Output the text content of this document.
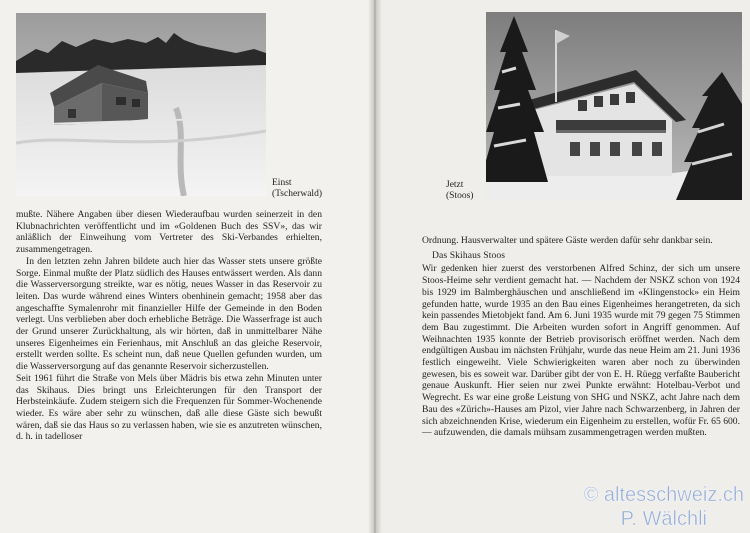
Einst
(Tscherwald)

mußte. Nähere Angaben über diesen Wiederaufbau wurden seinerzeit in den Klubnachrichten veröffentlicht und im «Goldenen Buch des SSV», das wir anläßlich der Einweihung vom Vertreter des Ski-Verbandes erhielten, zusammengetragen.

In den letzten zehn Jahren bildete auch hier das Wasser stets unsere größte Sorge. Einmal mußte der Platz südlich des Hauses entwässert werden. Als dann die Wasserversorgung streikte, war es nötig, neues Wasser in das Reservoir zu leiten. Das wurde während eines Winters obenhinein gemacht; 1958 aber das angeschaffte Symalenrohr mit finanzieller Hilfe der Gemeinde in den Boden verlegt. Uns verblieben aber doch erhebliche Beträge. Die Wasserfrage ist auch der Grund unserer Zurückhaltung, als wir hörten, daß in unmittelbarer Nähe unseres Eigenheimes ein Ferienhaus, mit Anschluß an das gleiche Reservoir, erstellt werden sollte. Es scheint nun, daß neue Quellen gefunden wurden, um die Wasserversorgung auf das genannte Reservoir sicherzustellen.

Seit 1961 führt die Straße von Mels über Mädris bis etwa zehn Minuten unter das Skihaus. Dies bringt uns Erleichterungen für den Transport der Herbsteinkäufe. Zudem steigern sich die Frequenzen für Sommer-Wochenende wieder. Es wäre aber sehr zu wünschen, daß alle diese Gäste sich bewußt wären, daß sie das Haus so zu verlassen haben, wie sie es anzutreten wünschen, d. h. in tadelloser

Jetzt
(Stoos)

Ordnung. Hausverwalter und spätere Gäste werden dafür sehr dankbar sein.

Das Skihaus Stoos

Wir gedenken hier zuerst des verstorbenen Alfred Schinz, der sich um unsere Stoos-Heime sehr verdient gemacht hat. — Nachdem der NSKZ schon von 1924 bis 1929 im Balmberghäuschen und anschließend im «Klingenstock» ein Heim gefunden hatte, wurde 1935 an den Bau eines Eigenheimes herangetreten, da sich kein passendes Mietobjekt fand. Am 6. Juni 1935 wurde mit 79 gegen 75 Stimmen dem Bau zugestimmt. Die Arbeiten wurden sofort in Angriff genommen. Auf Weihnachten 1935 konnte der Betrieb provisorisch eröffnet werden. Nach dem endgültigen Ausbau im nächsten Frühjahr, wurde das neue Heim am 21. Juni 1936 festlich eingeweiht. Viele Schwierigkeiten waren aber noch zu überwinden gewesen, bis es soweit war. Darüber gibt der von E. H. Rüegg verfaßte Baubericht genaue Auskunft. Hier seien nur zwei Punkte erwähnt: Hotelbau-Verbot und Wegrecht. Es war eine große Leistung von SHG und NSKZ, acht Jahre nach dem Bau des «Zürich»-Hauses am Pizol, vier Jahre nach Schwarzenberg, in Jahren der sich abzeichnenden Krise, wiederum ein Eigenheim zu erstellen, wofür Fr. 65 600.— aufzuwenden, die damals mühsam zusammengetragen werden mußten.

© altesschweiz.ch
P. Wälchli
